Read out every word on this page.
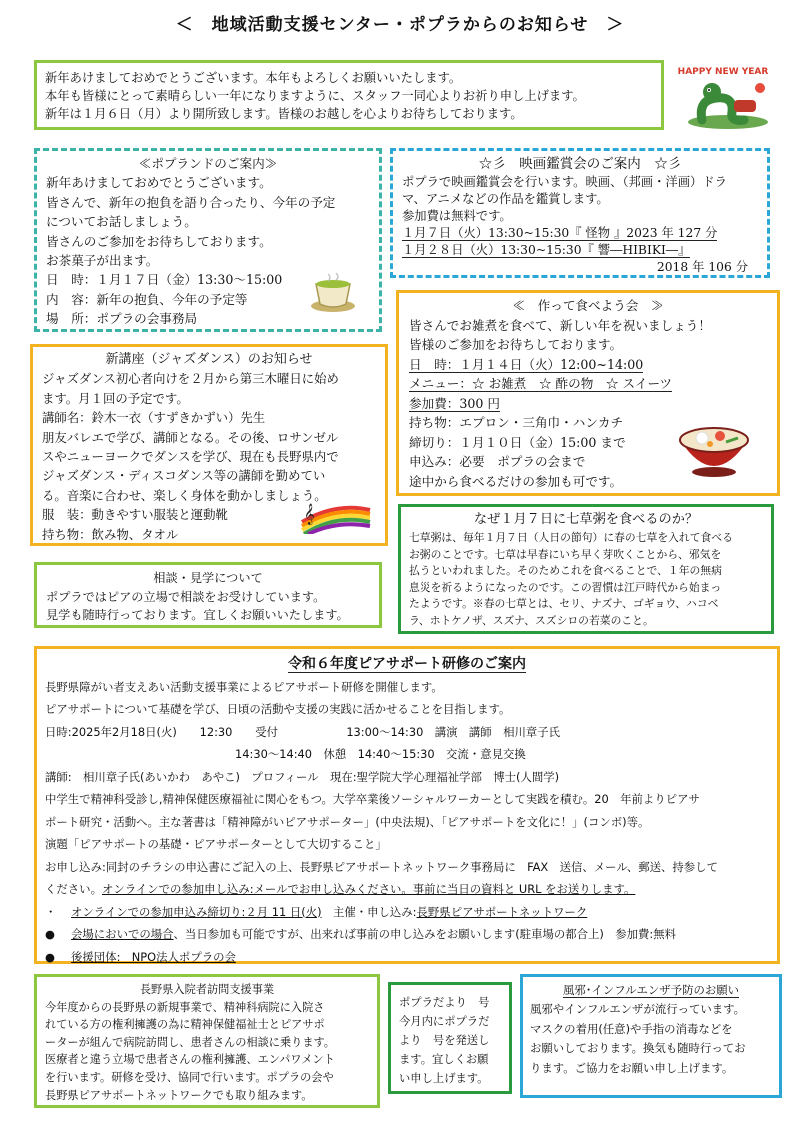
＜　地域活動支援センター・ポプラからのお知らせ　＞
新年あけましておめでとうございます。本年もよろしくお願いいたします。
本年も皆様にとって素晴らしい一年になりますように、スタッフ一同心よりお祈り申し上げます。
新年は１月６日（月）より開所致します。皆様のお越しを心よりお待ちしております。
HAPPY NEW YEAR
≪ポプランドのご案内≫
新年あけましておめでとうございます。
皆さんで、新年の抱負を語り合ったり、今年の予定
についてお話しましょう。
皆さんのご参加をお待ちしております。
お茶菓子が出ます。
日　時：１月１７日（金）13:30～15:00
内　容：新年の抱負、今年の予定等
場　所：ポプラの会事務局
☆彡　映画鑑賞会のご案内　☆彡
ポプラで映画鑑賞会を行います。映画、（邦画・洋画）ドラ
マ、アニメなどの作品を鑑賞します。
参加費は無料です。
１月７日（火）13:30~15:30『 怪物 』2023 年 127 分
１月２８日（火）13:30~15:30『 響―HIBIKI―』
2018 年 106 分
≪　作って食べよう会　≫
皆さんでお雑煮を食べて、新しい年を祝いましょう！
皆様のご参加をお待ちしております。
日　時：１月１４日（火）12:00~14:00
メニュー：☆ お雑煮　☆ 酢の物　☆ スイーツ
参加費：300 円
持ち物：エプロン・三角巾・ハンカチ
締切り：１月１０日（金）15:00 まで
申込み：必要　ポプラの会まで
途中から食べるだけの参加も可です。
新講座（ジャズダンス）のお知らせ
ジャズダンス初心者向けを２月から第三木曜日に始め
ます。月１回の予定です。
講師名：鈴木一衣（すずきかずい）先生
朋友バレエで学び、講師となる。その後、ロサンゼル
スやニューヨークでダンスを学び、現在も長野県内で
ジャズダンス・ディスコダンス等の講師を勤めてい
る。音楽に合わせ、楽しく身体を動かしましょう。
服　装：動きやすい服装と運動靴
持ち物：飲み物、タオル
𝄞	なぜ１月７日に七草粥を食べるのか？
七草粥は、毎年１月７日（人日の節句）に春の七草を入れて食べる
お粥のことです。七草は早春にいち早く芽吹くことから、邪気を
払うといわれました。そのためこれを食べることで、１年の無病
息災を祈るようになったのです。この習慣は江戸時代から始まっ
たようです。※春の七草とは、セリ、ナズナ、ゴギョウ、ハコベ
ラ、ホトケノザ、スズナ、スズシロの若菜のこと。
相談・見学について
ポプラではピアの立場で相談をお受けしています。
見学も随時行っております。宜しくお願いいたします。
令和６年度ピアサポート研修のご案内
長野県障がい者支えあい活動支援事業によるピアサポート研修を開催します。
ピアサポートについて基礎を学び、日頃の活動や支援の実践に活かせることを目指します。
日時:2025年2月18日(火)　　12:30　　受付　　　　　　13:00～14:30　講演　講師　相川章子氏
14:30～14:40　休憩　14:40～15:30　交流・意見交換
講師:　相川章子氏(あいかわ　あやこ)　プロフィール　現在:聖学院大学心理福祉学部　博士(人間学)
中学生で精神科受診し,精神保健医療福祉に関心をもつ。大学卒業後ソーシャルワーカーとして実践を積む。20　年前よりピアサ
ポート研究・活動へ。主な著書は「精神障がいピアサポーター」(中央法規)、「ピアサポートを文化に！」(コンボ)等。
演題「ピアサポートの基礎・ピアサポーターとして大切すること」
お申し込み:同封のチラシの申込書にご記入の上、長野県ピアサポートネットワーク事務局に　FAX　送信、メール、郵送、持参して
ください。オンラインでの参加申し込み:メールでお申し込みください。事前に当日の資料と URL をお送りします。
・ オンラインでの参加申込み締切り:２月 11 日(火)　主催・申し込み:長野県ピアサポートネットワーク
● 会場においでの場合、当日参加も可能ですが、出来れば事前の申し込みをお願いします(駐車場の都合上)　参加費:無料
● 後援団体:　NPO法人ポプラの会
長野県入院者訪問支援事業
今年度からの長野県の新規事業で、精神科病院に入院さ
れている方の権利擁護の為に精神保健福祉士とピアサポ
ーターが組んで病院訪問し、患者さんの相談に乗ります。
医療者と違う立場で患者さんの権利擁護、エンパワメント
を行います。研修を受け、協同で行います。ポプラの会や
長野県ピアサポートネットワークでも取り組みます。
ポプラだより　号
今月内にポプラだ
より　号を発送し
ます。宜しくお願
い申し上げます。
風邪･インフルエンザ予防のお願い
風邪やインフルエンザが流行っています。
マスクの着用(任意)や手指の消毒などを
お願いしております。換気も随時行ってお
ります。ご協力をお願い申し上げます。
